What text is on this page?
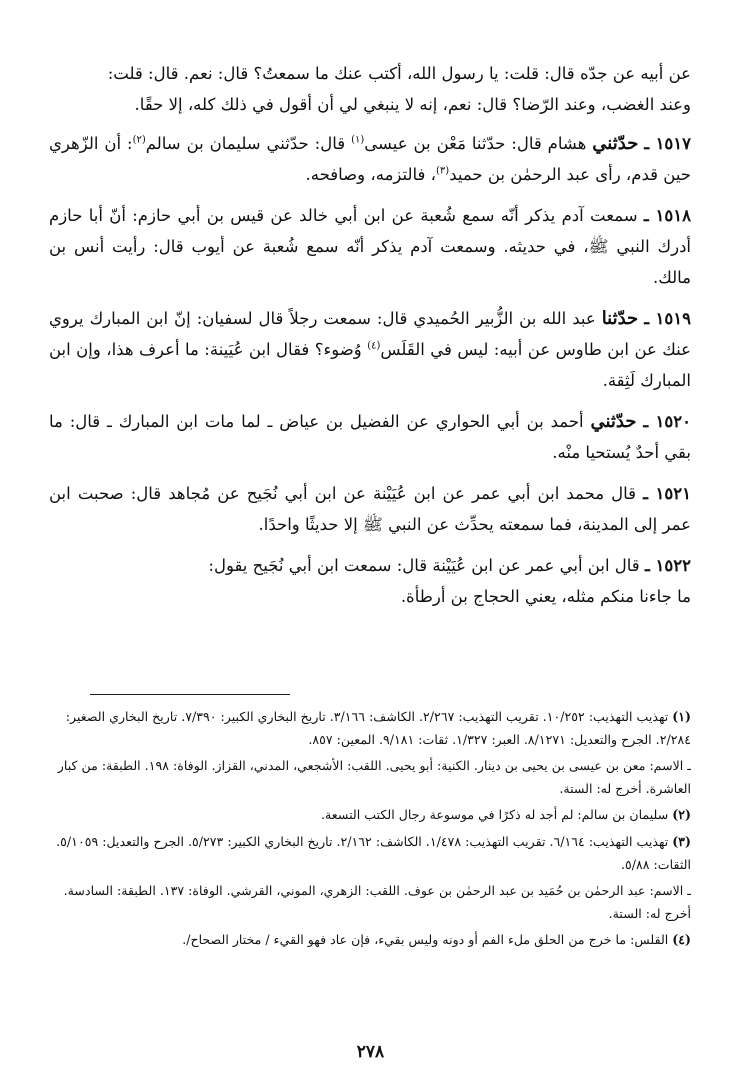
عن أبيه عن جدّه قال: قلت: يا رسول الله، أكتب عنك ما سمعتُ؟ قال: نعم. قال: قلت:
وعند الغضب، وعند الرّضا؟ قال: نعم، إنه لا ينبغي لي أن أقول في ذلك كله، إلا حقًا.

١٥١٧ ـ حدّثني هشام قال: حدّثنا مَعْن بن عيسى$^{(١)}$ قال: حدّثني سليمان بن سالم$^{(٢)}$: أن الزّهري حين قدم، رأى عبد الرحمٰن بن حميد$^{(٣)}$، فالتزمه، وصافحه.

١٥١٨ ـ سمعت آدم يذكر أنّه سمع شُعبة عن ابن أبي خالد عن قيس بن أبي حازم: أنّ أبا حازم أدرك النبي ﷺ، في حديثه. وسمعت آدم يذكر أنّه سمع شُعبة عن أيوب قال: رأيت أنس بن مالك.

١٥١٩ ـ حدّثنا عبد الله بن الزُّبير الحُميدي قال: سمعت رجلاً قال لسفيان: إنّ ابن المبارك يروي عنك عن ابن طاوس عن أبيه: ليس في القَلَس$^{(٤)}$ وُضوء؟ فقال ابن عُيَينة: ما أعرف هذا، وإن ابن المبارك لَثِقة.

١٥٢٠ ـ حدّثني أحمد بن أبي الحواري عن الفضيل بن عياض ـ لما مات ابن المبارك ـ قال: ما بقي أحدٌ يُستحيا منْه.

١٥٢١ ـ قال محمد ابن أبي عمر عن ابن عُيَيْنة عن ابن أبي نُجَيح عن مُجاهد قال: صحبت ابن عمر إلى المدينة، فما سمعته يحدِّث عن النبي ﷺ إلا حديثًا واحدًا.

١٥٢٢ ـ قال ابن أبي عمر عن ابن عُيَيْنة قال: سمعت ابن أبي نُجَيح يقول:
ما جاءنا منكم مثله، يعني الحجاج بن أرطأة.

(١) تهذيب التهذيب: ١٠/٢٥٢. تقريب التهذيب: ٢/٢٦٧. الكاشف: ٣/١٦٦. تاريخ البخاري الكبير: ٧/٣٩٠. تاريخ البخاري الصغير: ٢/٢٨٤. الجرح والتعديل: ٨/١٢٧١. العبر: ١/٣٢٧. ثقات: ٩/١٨١. المعين: ٨٥٧.

ـ الاسم: معن بن عيسى بن يحيى بن دينار. الكنية: أبو يحيى. اللقب: الأشجعي، المدني، القزاز. الوفاة: ١٩٨. الطبقة: من كبار العاشرة. أخرج له: الستة.

(٢) سليمان بن سالم: لم أجد له ذكرًا في موسوعة رجال الكتب التسعة.

(٣) تهذيب التهذيب: ٦/١٦٤. تقريب التهذيب: ١/٤٧٨. الكاشف: ٢/١٦٢. تاريخ البخاري الكبير: ٥/٢٧٣. الجرح والتعديل: ٥/١٠٥٩. الثقات: ٥/٨٨.

ـ الاسم: عبد الرحمٰن بن حُمَيد بن عبد الرحمٰن بن عوف. اللقب: الزهري، الموني، القرشي. الوفاة: ١٣٧. الطبقة: السادسة. أخرج له: الستة.

(٤) القلس: ما خرج من الحلق ملء الفم أو دونه وليس بقيء، فإن عاد فهو القيء / مختار الصحاح/.

٢٧٨
